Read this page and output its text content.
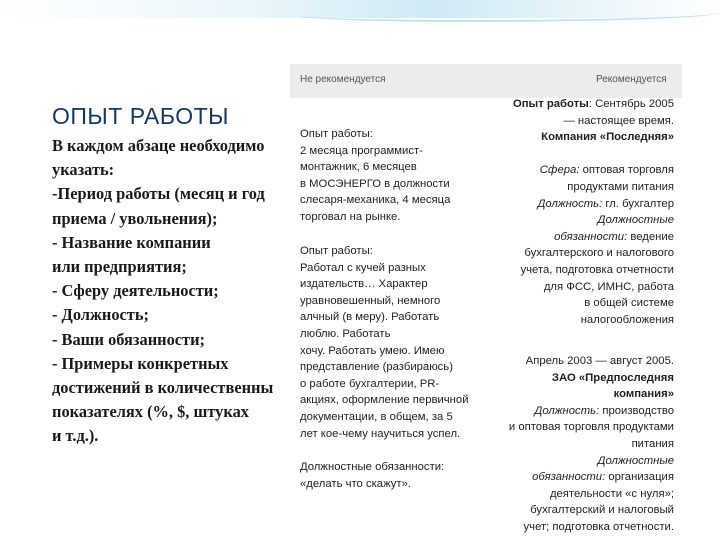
Не рекомендуется	Рекомендуется
ОПЫТ РАБОТЫ
В каждом абзаце необходимо
указать:
-Период работы (месяц и год
приема / увольнения);
- Название компании
или предприятия;
- Сферу деятельности;
- Должность;
- Ваши обязанности;
- Примеры конкретных
достижений в количественны
показателях (%, $, штуках
и т.д.).
Опыт работы:
2 месяца программист-
монтажник, 6 месяцев
в МОСЭНЕРГО в должности
слесаря-механика, 4 месяца
торговал на рынке.
Опыт работы:
Работал с кучей разных
издательств… Характер
уравновешенный, немного
алчный (в меру). Работать
люблю. Работать
хочу. Работать умею. Имею
представление (разбираюсь)
о работе бухгалтерии, PR-
акциях, оформление первичной
документации, в общем, за 5
лет кое-чему научиться успел.
Должностные обязанности:
«делать что скажут».
Опыт работы: Сентябрь 2005
— настоящее время.
Компания «Последняя»
Сфера: оптовая торговля
продуктами питания
Должность: гл. бухгалтер
Должностные
обязанности: ведение
бухгалтерского и налогового
учета, подготовка отчетности
для ФСС, ИМНС, работа
в общей системе
налогообложения
Апрель 2003 — август 2005.
ЗАО «Предпоследняя
компания»
Должность: производство
и оптовая торговля продуктами
питания
Должностные
обязанности: организация
деятельности «с нуля»;
бухгалтерский и налоговый
учет; подготовка отчетности.
